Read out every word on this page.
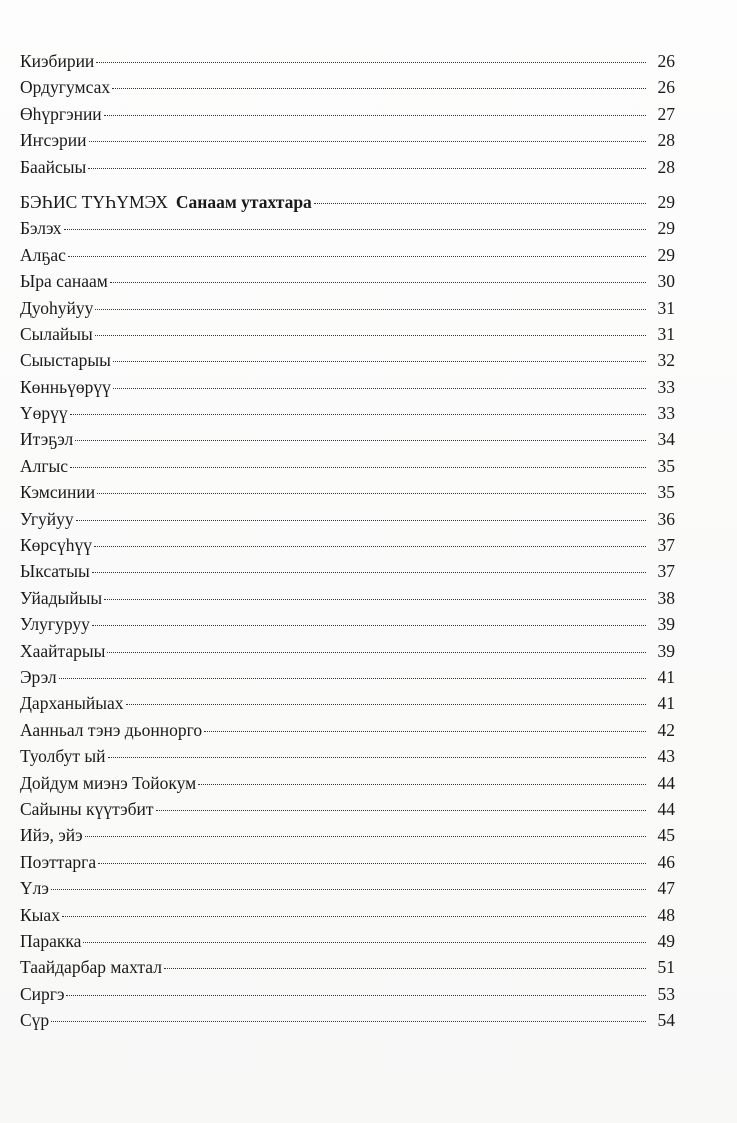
Киэбирии	26
Ордугумсах	26
Өһүргэнии	27
Иҥсэрии	28
Баайсыы	28
БЭҺИС ТҮҺҮМЭХ Санаам утахтара	29
Бэлэх	29
Алҕас	29
Ыра санаам	30
Дуоһуйуу	31
Сылайыы	31
Сыыстарыы	32
Көнньүөрүү	33
Үөрүү	33
Итэҕэл	34
Алгыс	35
Кэмсинии	35
Угуйуу	36
Көрсүһүү	37
Ыксатыы	37
Уйадыйыы	38
Улугуруу	39
Хаайтарыы	39
Эрэл	41
Дарханыйыах	41
Аанньал тэнэ дьоннорго	42
Туолбут ый	43
Дойдум миэнэ Тойокум	44
Сайыны күүтэбит	44
Ийэ, эйэ	45
Поэттарга	46
Үлэ	47
Кыах	48
Паракка	49
Таайдарбар махтал	51
Сиргэ	53
Сүр	54
